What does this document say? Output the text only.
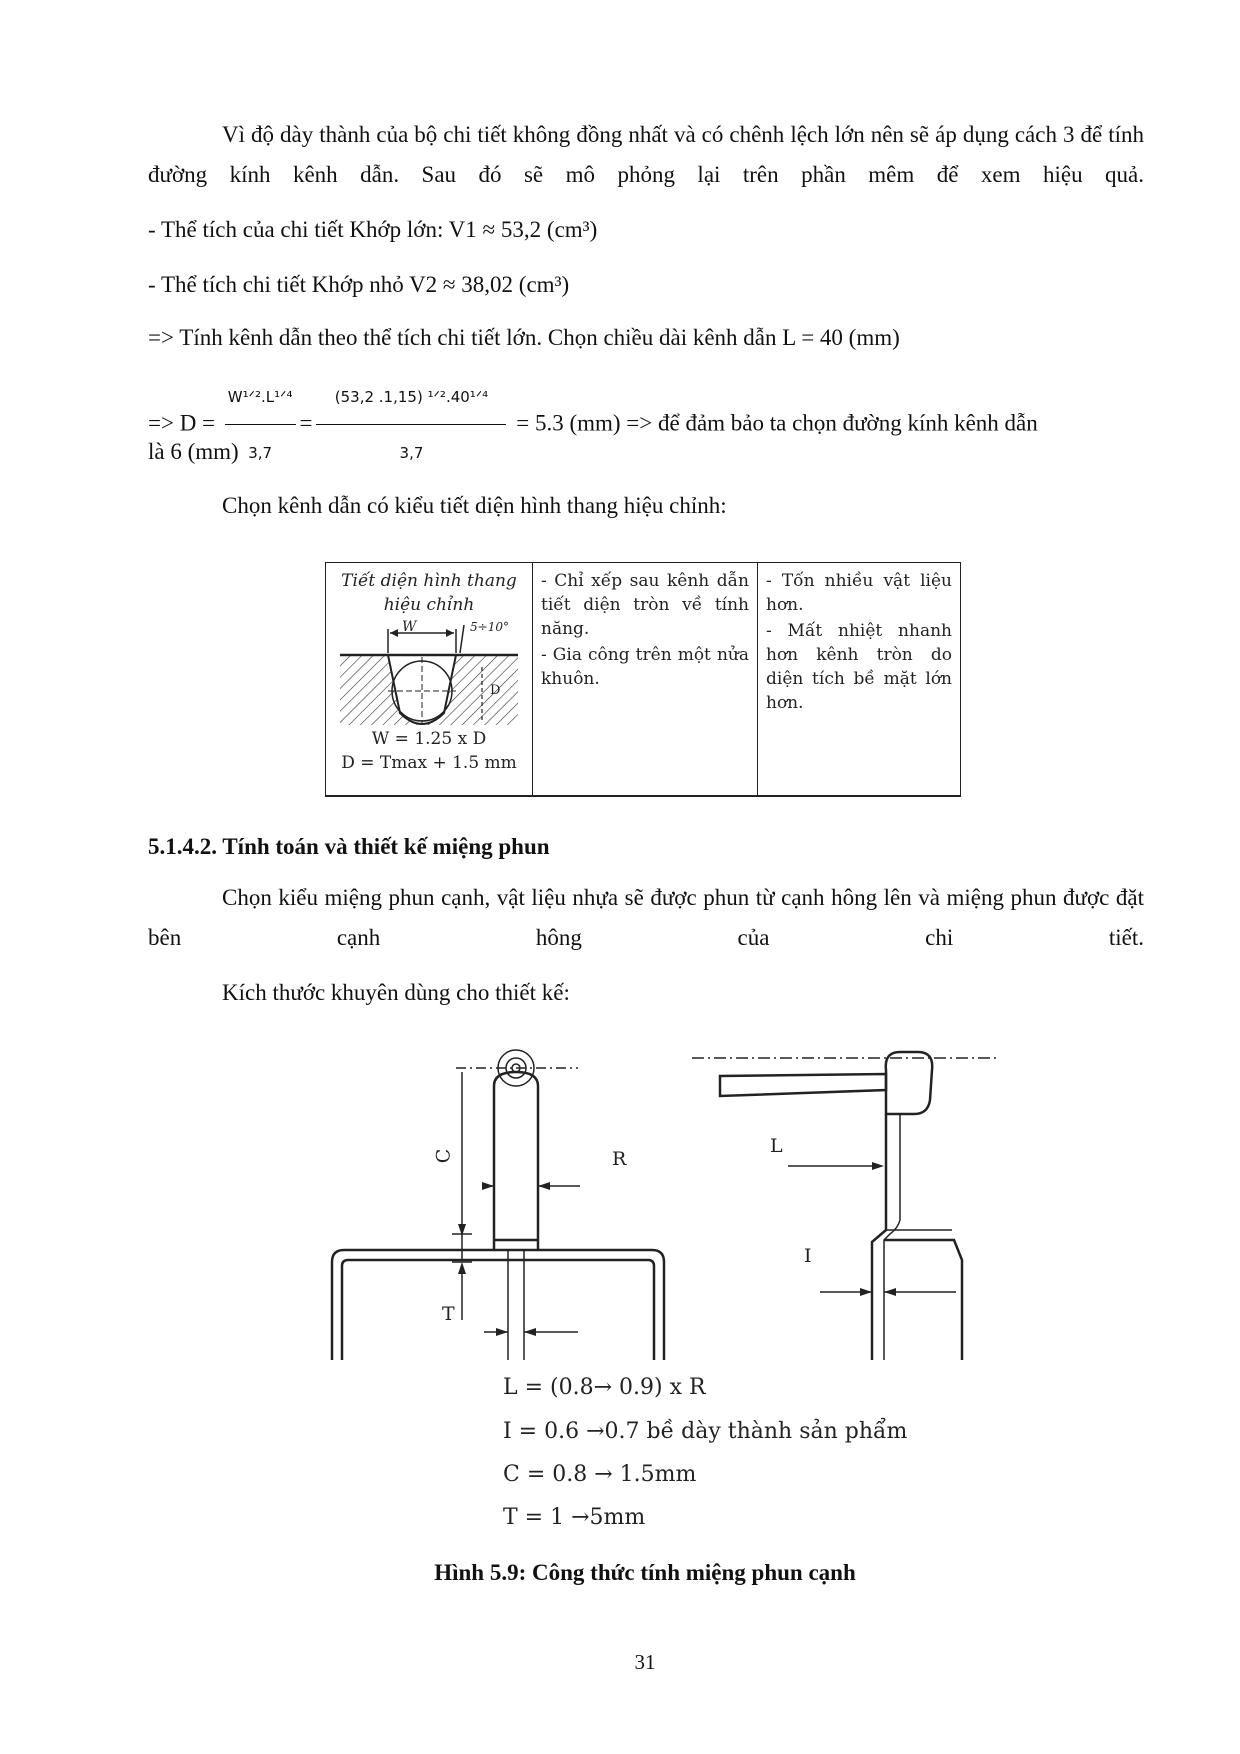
Vì độ dày thành của bộ chi tiết không đồng nhất và có chênh lệch lớn nên sẽ áp dụng cách 3 để tính đường kính kênh dẫn. Sau đó sẽ mô phỏng lại trên phần mêm để xem hiệu quả.
- Thể tích của chi tiết Khớp lớn: V1 ≈ 53,2 (cm³)
- Thể tích chi tiết Khớp nhỏ V2 ≈ 38,02 (cm³)
=> Tính kênh dẫn theo thể tích chi tiết lớn. Chọn chiều dài kênh dẫn L = 40 (mm)
=> $D = \frac{\text{W¹ᐟ².L¹ᐟ⁴}}{3,7} = \frac{\text{(53,2 .1,15) ¹ᐟ².40¹ᐟ⁴}}{3,7} = 5.3$ (mm) => để đảm bảo ta chọn đường kính kênh dẫn
là 6 (mm)
Chọn kênh dẫn có kiểu tiết diện hình thang hiệu chỉnh:
Tiết diện hình thang
hiệu chỉnh
W	5÷10°
D
W = 1.25 x D
D = Tmax + 1.5 mm

- Chỉ xếp sau kênh dẫn tiết diện tròn về tính năng.
- Gia công trên một nửa khuôn.

- Tốn nhiều vật liệu hơn.
- Mất nhiệt nhanh hơn kênh tròn do diện tích bề mặt lớn hơn.
5.1.4.2. Tính toán và thiết kế miệng phun
Chọn kiểu miệng phun cạnh, vật liệu nhựa sẽ được phun từ cạnh hông lên và miệng phun được đặt bên cạnh hông của chi tiết.
Kích thước khuyên dùng cho thiết kế:
C	R
T
L
I
L = (0.8→ 0.9) x R
I = 0.6 →0.7 bề dày thành sản phẩm
C = 0.8 → 1.5mm
T = 1 →5mm
Hình 5.9: Công thức tính miệng phun cạnh
31
